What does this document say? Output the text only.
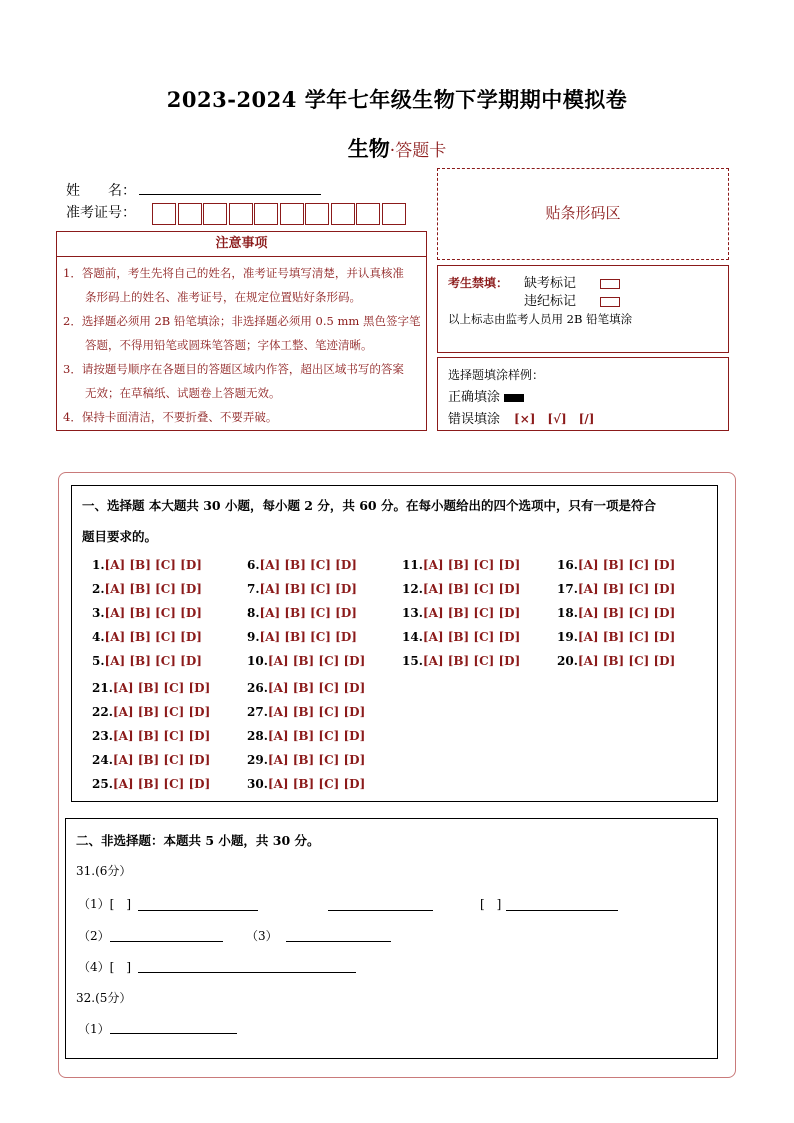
2023-2024 学年七年级生物下学期期中模拟卷
生物·答题卡
姓　　名：
准考证号：	贴条形码区
注意事项
1．答题前，考生先将自己的姓名，准考证号填写清楚，并认真核准
条形码上的姓名、准考证号，在规定位置贴好条形码。
2．选择题必须用 2B 铅笔填涂；非选择题必须用 0.5 mm 黑色签字笔
答题，不得用铅笔或圆珠笔答题；字体工整、笔迹清晰。
3．请按题号顺序在各题目的答题区域内作答，超出区域书写的答案
无效；在草稿纸、试题卷上答题无效。
4．保持卡面清洁，不要折叠、不要弄破。
考生禁填： 缺考标记
违纪标记
以上标志由监考人员用 2B 铅笔填涂
选择题填涂样例：
正确填涂
错误填涂 [×]　[√]　[/]
一、选择题 本大题共 30 小题，每小题 2 分，共 60 分。在每小题给出的四个选项中，只有一项是符合
题目要求的。
1.[A] [B] [C] [D]
2.[A] [B] [C] [D]
3.[A] [B] [C] [D]
4.[A] [B] [C] [D]
5.[A] [B] [C] [D]
6.[A] [B] [C] [D]
7.[A] [B] [C] [D]
8.[A] [B] [C] [D]
9.[A] [B] [C] [D]
10.[A] [B] [C] [D]
11.[A] [B] [C] [D]
12.[A] [B] [C] [D]
13.[A] [B] [C] [D]
14.[A] [B] [C] [D]
15.[A] [B] [C] [D]
16.[A] [B] [C] [D]
17.[A] [B] [C] [D]
18.[A] [B] [C] [D]
19.[A] [B] [C] [D]
20.[A] [B] [C] [D]
21.[A] [B] [C] [D]
22.[A] [B] [C] [D]
23.[A] [B] [C] [D]
24.[A] [B] [C] [D]
25.[A] [B] [C] [D]
26.[A] [B] [C] [D]
27.[A] [B] [C] [D]
28.[A] [B] [C] [D]
29.[A] [B] [C] [D]
30.[A] [B] [C] [D]
二、非选择题：本题共 5 小题，共 30 分。
31.(6分）
（1）[　]	[　]
（2）	（3）
（4）[　]
32.(5分）
（1）
